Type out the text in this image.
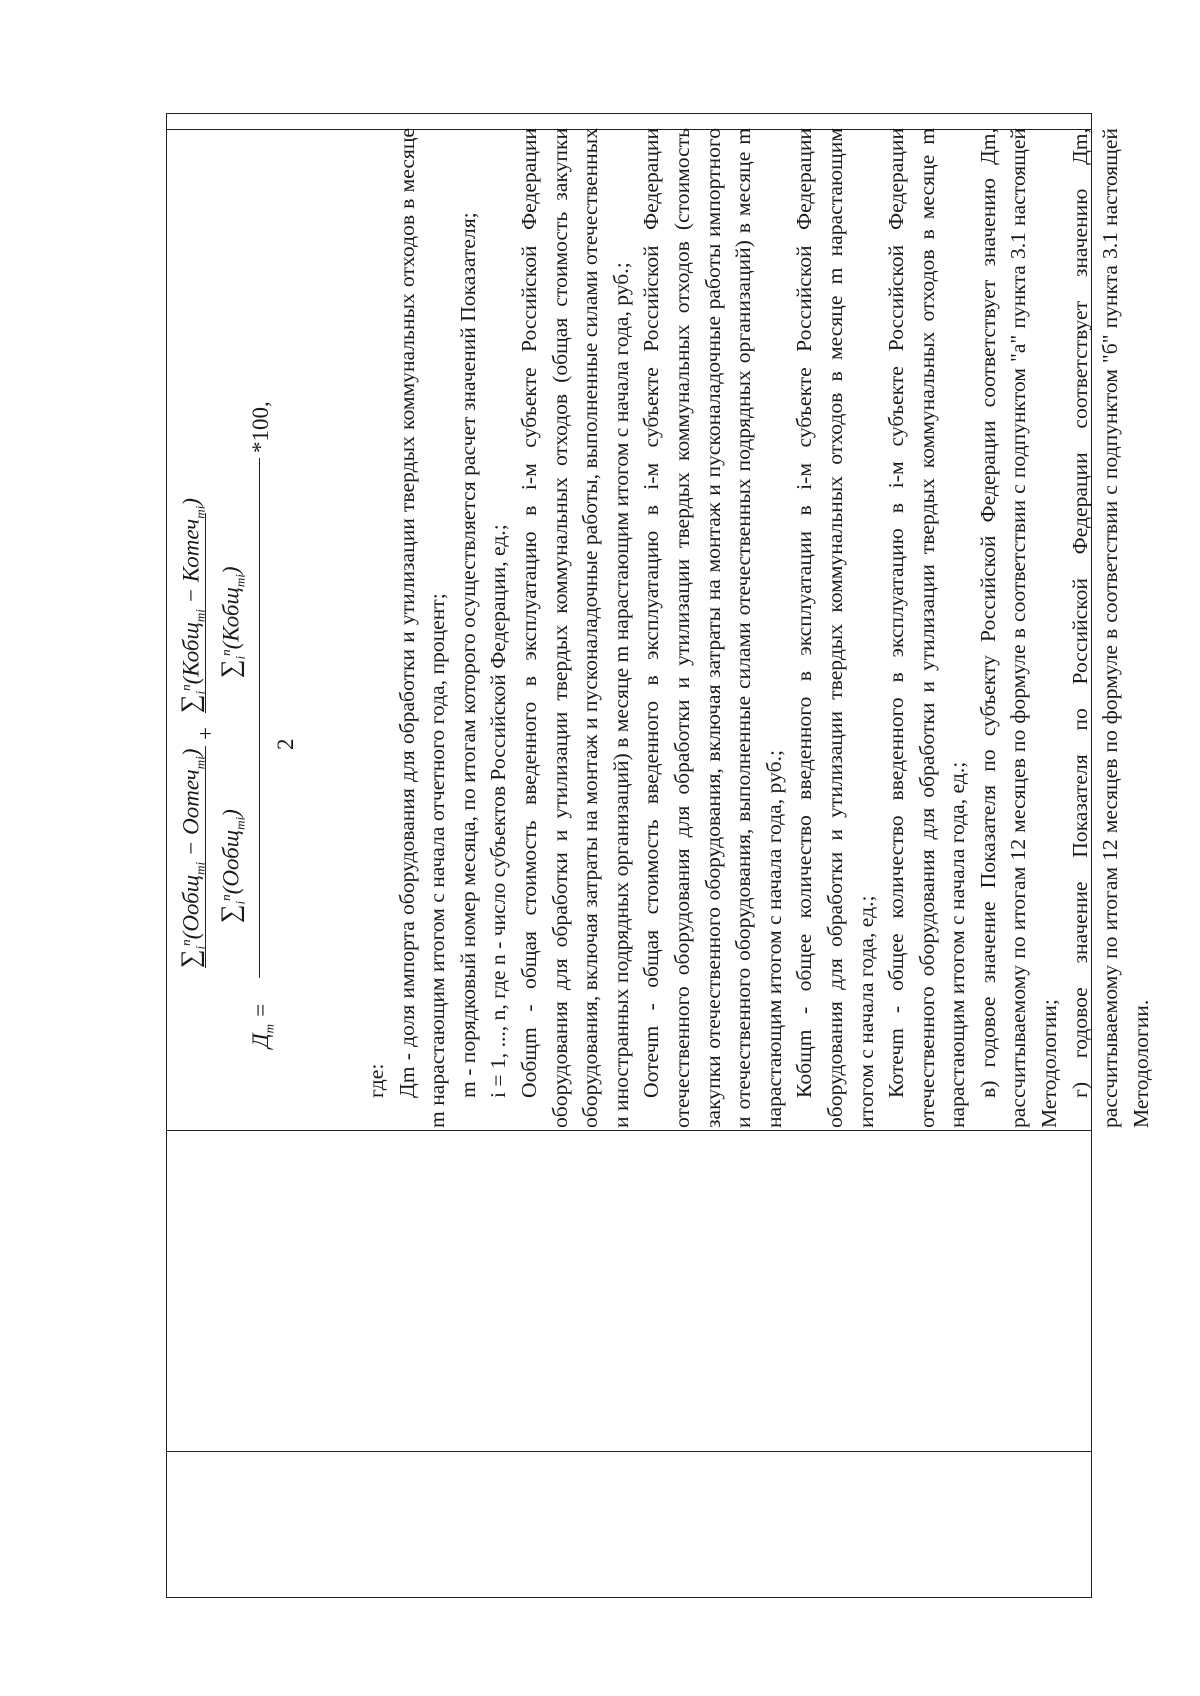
$Д_m$ =
$\sum_i^n(Oобщ_{mi}$ − Oотеч$_{mi}$)
$\sum_i^n(Oобщ_{mi})$
+
$\sum_i^n(Кобщ_{mi}$ − Котеч$_{mi}$)
$\sum_i^n(Кобщ_{mi})$
2
*100,

где: Дm - доля импорта оборудования для обработки и утилизации твердых коммунальных отходов в месяце m нарастающим итогом с начала отчетного года, процент; m - порядковый номер месяца, по итогам которого осуществляется расчет значений Показателя; i = 1, ..., n, где n - число субъектов Российской Федерации, ед.; Oобщm - общая стоимость введенного в эксплуатацию в i-м субъекте Российской Федерации оборудования для обработки и утилизации твердых коммунальных отходов (общая стоимость закупки оборудования, включая затраты на монтаж и пусконаладочные работы, выполненные силами отечественных и иностранных подрядных организаций) в месяце m нарастающим итогом с начала года, руб.; Oотечm - общая стоимость введенного в эксплуатацию в i-м субъекте Российской Федерации отечественного оборудования для обработки и утилизации твердых коммунальных отходов (стоимость закупки отечественного оборудования, включая затраты на монтаж и пусконаладочные работы импортного и отечественного оборудования, выполненные силами отечественных подрядных организаций) в месяце m нарастающим итогом с начала года, руб.; Кобщm - общее количество введенного в эксплуатации в i-м субъекте Российской Федерации оборудования для обработки и утилизации твердых коммунальных отходов в месяце m нарастающим итогом с начала года, ед.; Котечm - общее количество введенного в эксплуатацию в i-м субъекте Российской Федерации отечественного оборудования для обработки и утилизации твердых коммунальных отходов в месяце m нарастающим итогом с начала года, ед.; в) годовое значение Показателя по субъекту Российской Федерации соответствует значению Дm, рассчитываемому по итогам 12 месяцев по формуле в соответствии с подпунктом "а" пункта 3.1 настоящей Методологии; г) годовое значение Показателя по Российской Федерации соответствует значению Дm, рассчитываемому по итогам 12 месяцев по формуле в соответствии с подпунктом "б" пункта 3.1 настоящей Методологии.
